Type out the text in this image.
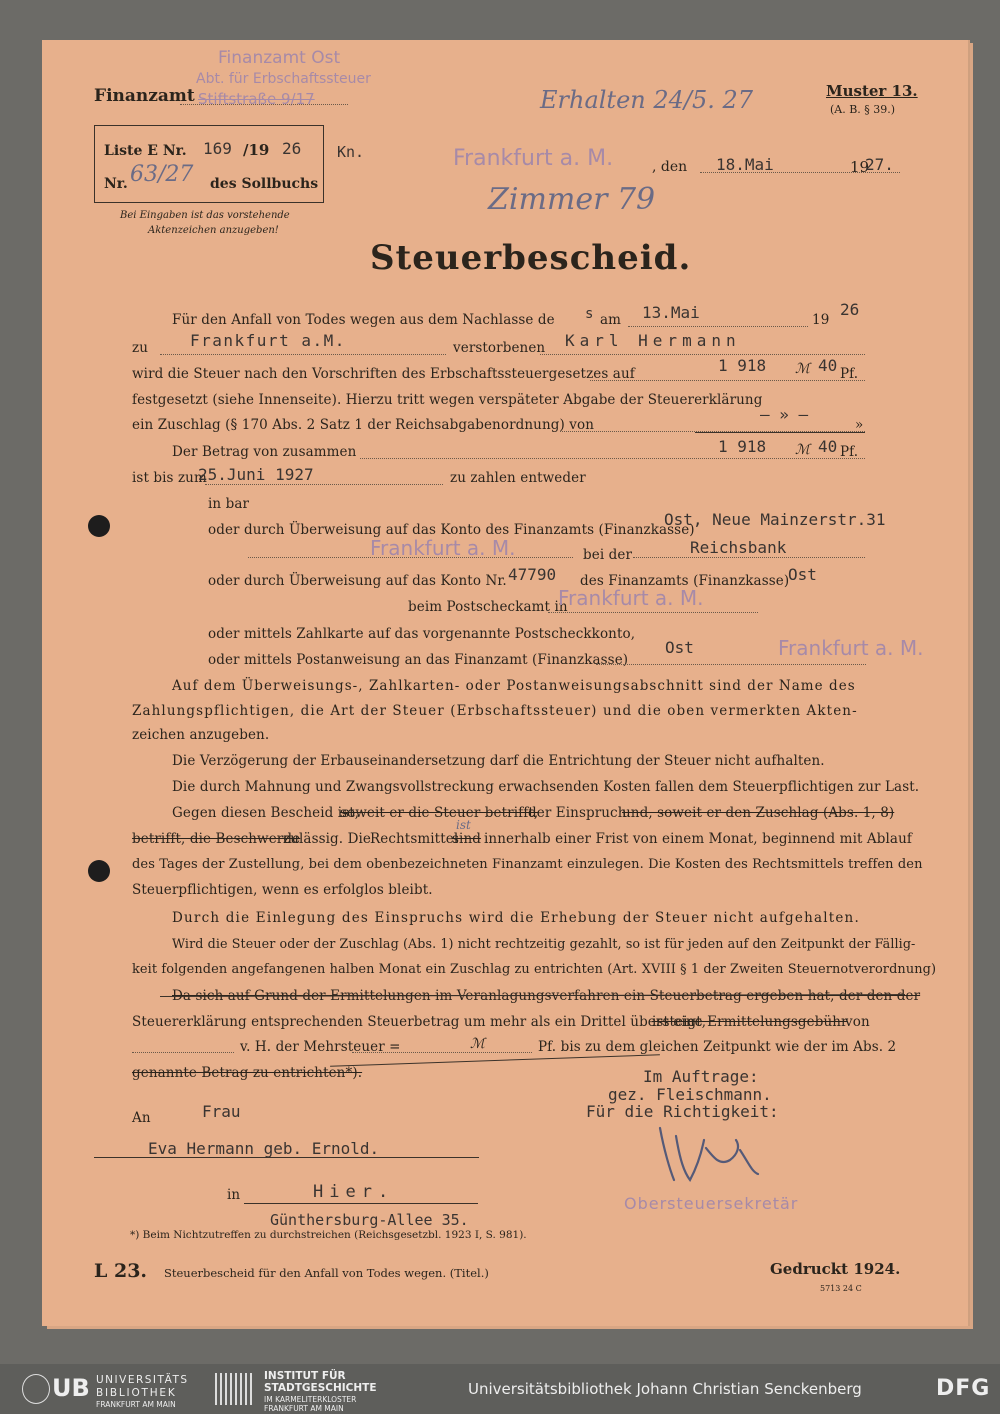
Finanzamt Ost
Abt. für Erbschaftssteuer
Stiftstraße 9/17
Finanzamt	Erhalten 24/5. 27	Muster 13.
(A. B. § 39.)
Liste E Nr. 169 /19 26 Kn.
Nr. 63/27 des Sollbuchs
Bei Eingaben ist das vorstehende
Aktenzeichen anzugeben!
Frankfurt a. M.
Zimmer 79
, den 18.Mai	19
27.
Steuerbescheid.
Für den Anfall von Todes wegen aus dem Nachlasse de s am 13.Mai	19
26
zu	Frankfurt a.M.	verstorbenen Karl Hermann
wird die Steuer nach den Vorschriften des Erbschaftssteuergesetzes auf	1 918 ℳ 40 Pf.
festgesetzt (siehe Innenseite). Hierzu tritt wegen verspäteter Abgabe der Steuererklärung
ein Zuschlag (§ 170 Abs. 2 Satz 1 der Reichsabgabenordnung) von
– » —
»
Der Betrag von zusammen	1 918 ℳ 40 Pf.
ist bis zum
25.Juni 1927	zu zahlen entweder
in bar
oder durch Überweisung auf das Konto des Finanzamts (Finanzkasse)
Ost, Neue Mainzerstr.31
Frankfurt a. M.	bei der	Reichsbank
oder durch Überweisung auf das Konto Nr. 47790 des Finanzamts (Finanzkasse)
Ost
beim Postscheckamt in
Frankfurt a. M.
oder mittels Zahlkarte auf das vorgenannte Postscheckkonto,
oder mittels Postanweisung an das Finanzamt (Finanzkasse)
Ost	Frankfurt a. M.
Auf dem Überweisungs-, Zahlkarten- oder Postanweisungsabschnitt sind der Name des
Zahlungspflichtigen, die Art der Steuer (Erbschaftssteuer) und die oben vermerkten Akten-
zeichen anzugeben.
Die Verzögerung der Erbauseinandersetzung darf die Entrichtung der Steuer nicht aufhalten.
Die durch Mahnung und Zwangsvollstreckung erwachsenden Kosten fallen dem Steuerpflichtigen zur Last.
Gegen diesen Bescheid ist,
soweit er die Steuer betrifft,
der Einspruch
und, soweit er den Zuschlag (Abs. 1, 8)
betrifft, die Beschwerde
zulässig. Die
Rechtsmittel
ist
sind innerhalb einer Frist von einem Monat, beginnend mit Ablauf
des Tages der Zustellung, bei dem obenbezeichneten Finanzamt einzulegen. Die Kosten des Rechtsmittels treffen den
Steuerpflichtigen, wenn es erfolglos bleibt.
Durch die Einlegung des Einspruchs wird die Erhebung der Steuer nicht aufgehalten.
Wird die Steuer oder der Zuschlag (Abs. 1) nicht rechtzeitig gezahlt, so ist für jeden auf den Zeitpunkt der Fällig-
keit folgenden angefangenen halben Monat ein Zuschlag zu entrichten (Art. XVIII § 1 der Zweiten Steuernotverordnung)
Da sich auf Grund der Ermittelungen im Veranlagungsverfahren ein Steuerbetrag ergeben hat, der den der
Steuererklärung entsprechenden Steuerbetrag um mehr als ein Drittel übersteigt,
ist eine Ermittelungsgebühr
von
v. H. der Mehrsteuer =	ℳ	Pf. bis zu dem gleichen Zeitpunkt wie der im Abs. 2
genannte Betrag zu entrichten*).	Im Auftrage:
gez. Fleischmann.
Für die Richtigkeit:
Obersteuersekretär
An	Frau
Eva Hermann geb. Ernold.
in	Hier.
Günthersburg-Allee 35.
*) Beim Nichtzutreffen zu durchstreichen (Reichsgesetzbl. 1923 I, S. 981).
L 23. Steuerbescheid für den Anfall von Todes wegen. (Titel.)	Gedruckt 1924.
5713 24 C
UB UNIVERSITÄTS
BIBLIOTHEK
FRANKFURT AM MAIN
INSTITUT FÜR
STADTGESCHICHTE
IM KARMELITERKLOSTER
FRANKFURT AM MAIN
Universitätsbibliothek Johann Christian Senckenberg	DFG
